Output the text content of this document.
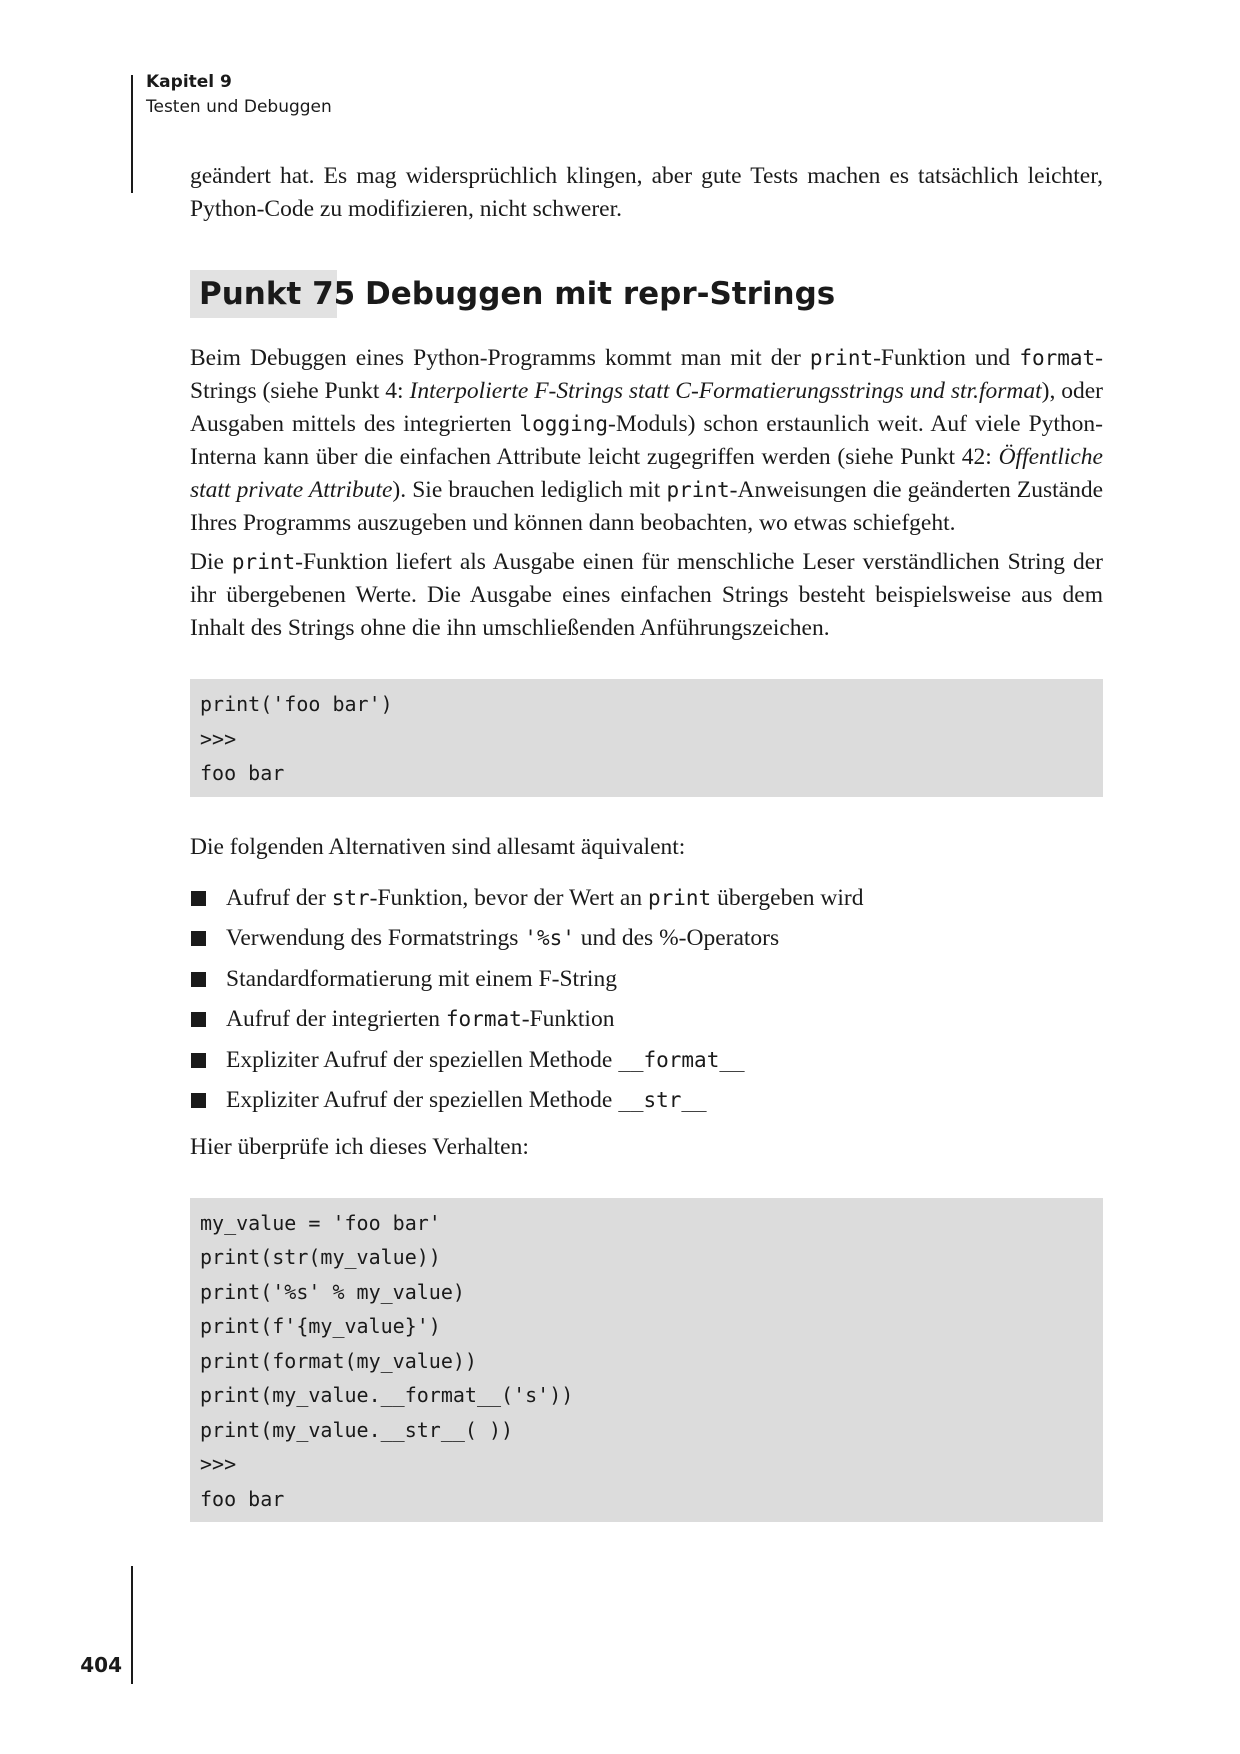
Kapitel 9
Testen und Debuggen

geändert hat. Es mag widersprüchlich klingen, aber gute Tests machen es tatsächlich leichter, Python-Code zu modifizieren, nicht schwerer.

Punkt 75 Debuggen mit repr-Strings

Beim Debuggen eines Python-Programms kommt man mit der print-Funktion und format-Strings (siehe Punkt 4: Interpolierte F-Strings statt C-Formatierungsstrings und str.format), oder Ausgaben mittels des integrierten logging-Moduls) schon erstaunlich weit. Auf viele Python-Interna kann über die einfachen Attribute leicht zugegriffen werden (siehe Punkt 42: Öffentliche statt private Attribute). Sie brauchen lediglich mit print-Anweisungen die geänderten Zustände Ihres Programms auszugeben und können dann beobachten, wo etwas schiefgeht.

Die print-Funktion liefert als Ausgabe einen für menschliche Leser verständlichen String der ihr übergebenen Werte. Die Ausgabe eines einfachen Strings besteht beispielsweise aus dem Inhalt des Strings ohne die ihn umschließenden Anführungszeichen.

print('foo bar')
>>>
foo bar

Die folgenden Alternativen sind allesamt äquivalent:

Aufruf der str-Funktion, bevor der Wert an print übergeben wird
Verwendung des Formatstrings '%s' und des %-Operators
Standardformatierung mit einem F-String
Aufruf der integrierten format-Funktion
Expliziter Aufruf der speziellen Methode __format__
Expliziter Aufruf der speziellen Methode __str__

Hier überprüfe ich dieses Verhalten:

my_value = 'foo bar'
print(str(my_value))
print('%s' % my_value)
print(f'{my_value}')
print(format(my_value))
print(my_value.__format__('s'))
print(my_value.__str__( ))
>>>
foo bar
404
